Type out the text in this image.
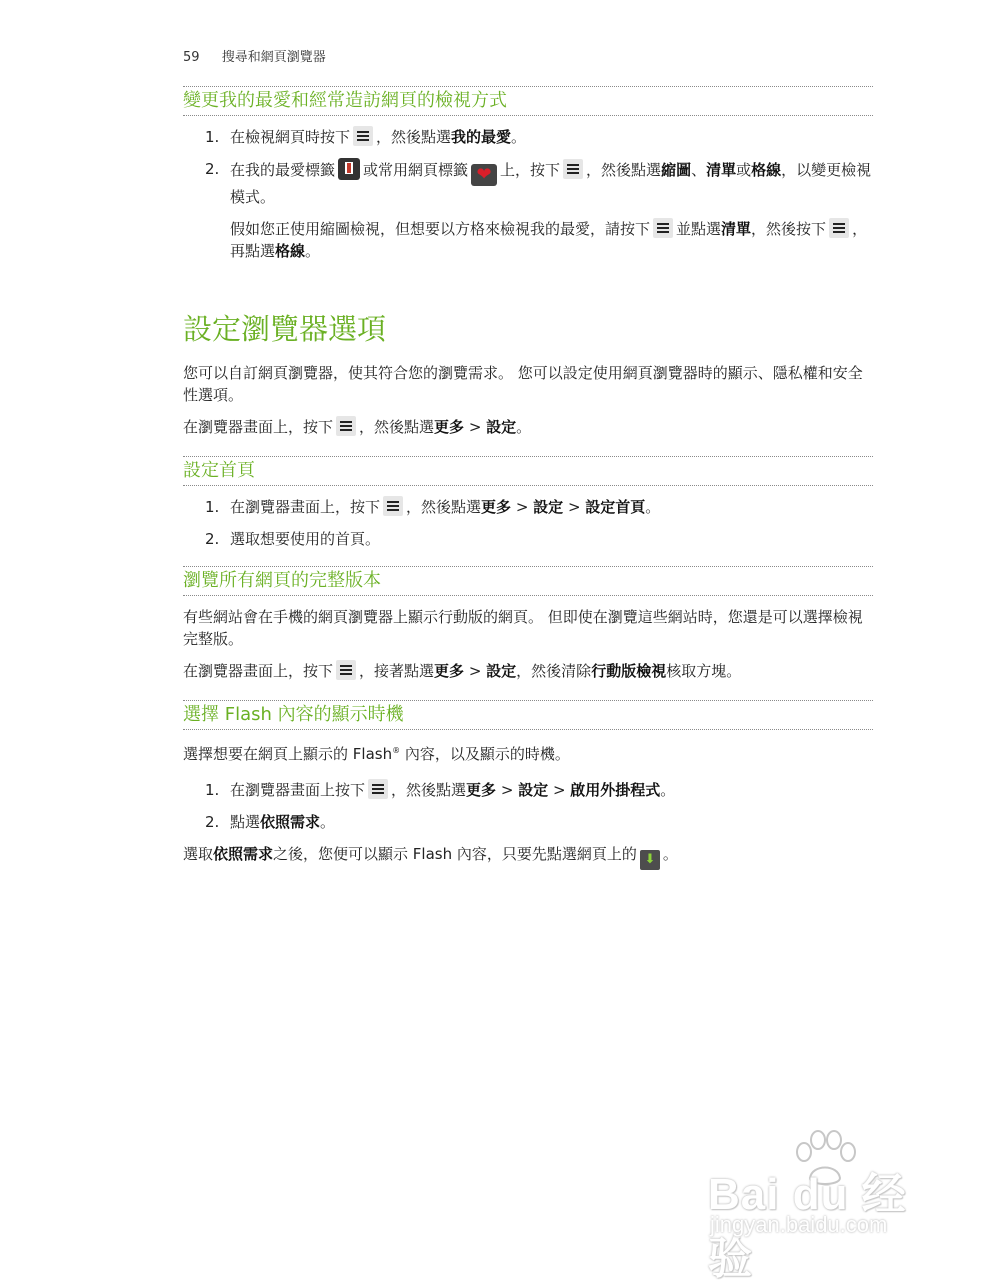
59 搜尋和網頁瀏覽器
變更我的最愛和經常造訪網頁的檢視方式
1. 在檢視網頁時按下 ，然後點選我的最愛。
2. 在我的最愛標籤 或常用網頁標籤 ❤ 上，按下 ，然後點選縮圖、清單或格線，以變更檢視模式。

假如您正使用縮圖檢視，但想要以方格來檢視我的最愛，請按下 並點選清單，然後按下 ，再點選格線。

設定瀏覽器選項

您可以自訂網頁瀏覽器，使其符合您的瀏覽需求。 您可以設定使用網頁瀏覽器時的顯示、隱私權和安全性選項。

在瀏覽器畫面上，按下 ，然後點選更多 > 設定。

設定首頁
1. 在瀏覽器畫面上，按下 ，然後點選更多 > 設定 > 設定首頁。
2. 選取想要使用的首頁。
瀏覽所有網頁的完整版本

有些網站會在手機的網頁瀏覽器上顯示行動版的網頁。 但即使在瀏覽這些網站時，您還是可以選擇檢視完整版。

在瀏覽器畫面上，按下 ，接著點選更多 > 設定，然後清除行動版檢視核取方塊。

選擇 Flash 內容的顯示時機

選擇想要在網頁上顯示的 Flash® 內容，以及顯示的時機。

1. 在瀏覽器畫面上按下 ，然後點選更多 > 設定 > 啟用外掛程式。
2. 點選依照需求。

選取依照需求之後，您便可以顯示 Flash 內容，只要先點選網頁上的 ⬇ 。

Bai du 经验
jingyan.baidu.com
